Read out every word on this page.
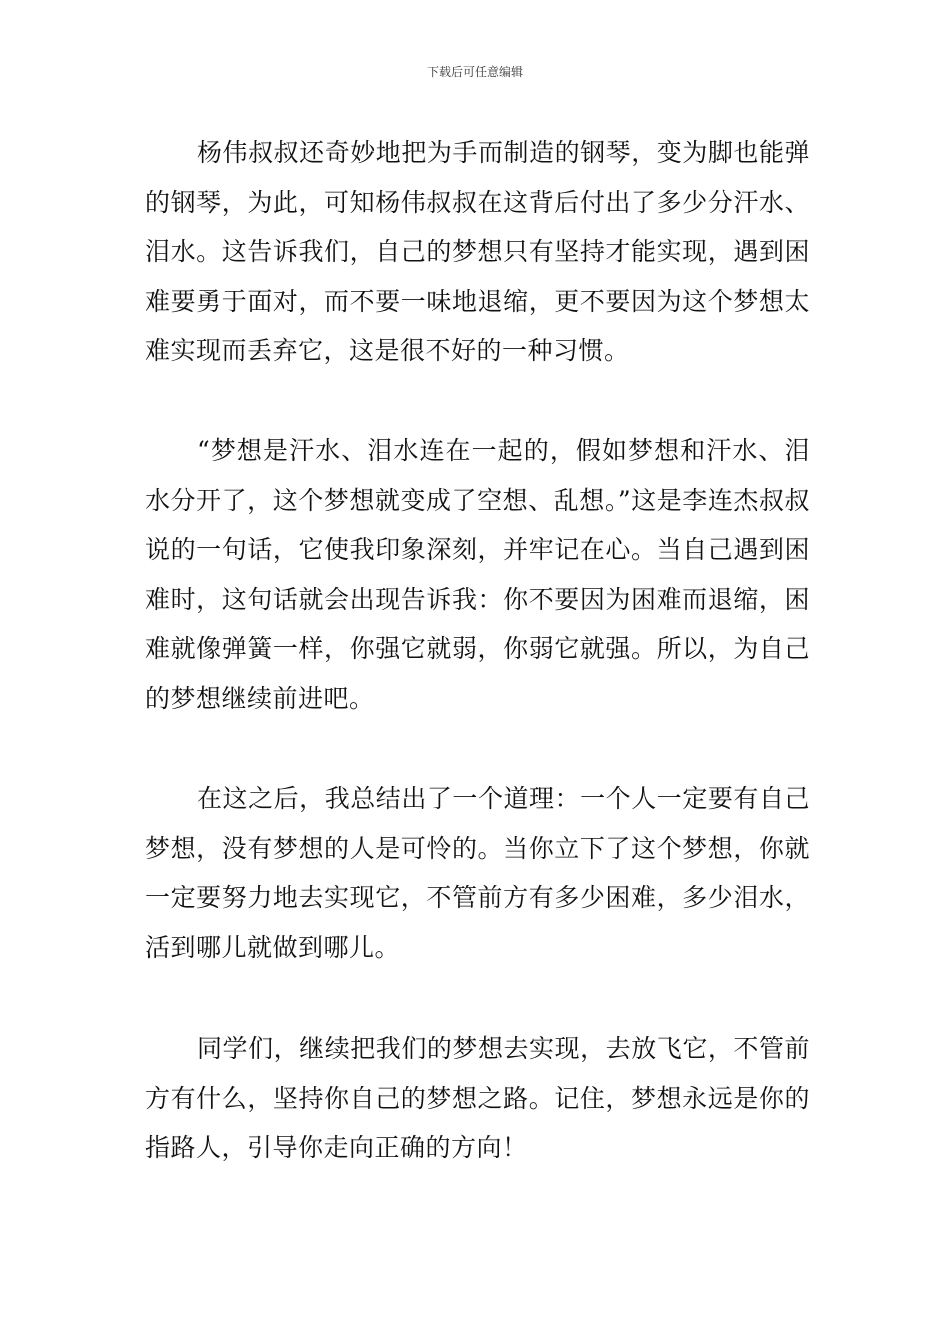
下载后可任意编辑

杨伟叔叔还奇妙地把为手而制造的钢琴，变为脚也能弹的钢琴，为此，可知杨伟叔叔在这背后付出了多少分汗水、泪水。这告诉我们，自己的梦想只有坚持才能实现，遇到困难要勇于面对，而不要一味地退缩，更不要因为这个梦想太难实现而丢弃它，这是很不好的一种习惯。

“梦想是汗水、泪水连在一起的，假如梦想和汗水、泪水分开了，这个梦想就变成了空想、乱想。”这是李连杰叔叔说的一句话，它使我印象深刻，并牢记在心。当自己遇到困难时，这句话就会出现告诉我：你不要因为困难而退缩，困难就像弹簧一样，你强它就弱，你弱它就强。所以，为自己的梦想继续前进吧。

在这之后，我总结出了一个道理：一个人一定要有自己梦想，没有梦想的人是可怜的。当你立下了这个梦想，你就一定要努力地去实现它，不管前方有多少困难，多少泪水，活到哪儿就做到哪儿。

同学们，继续把我们的梦想去实现，去放飞它，不管前方有什么，坚持你自己的梦想之路。记住，梦想永远是你的指路人，引导你走向正确的方向！
